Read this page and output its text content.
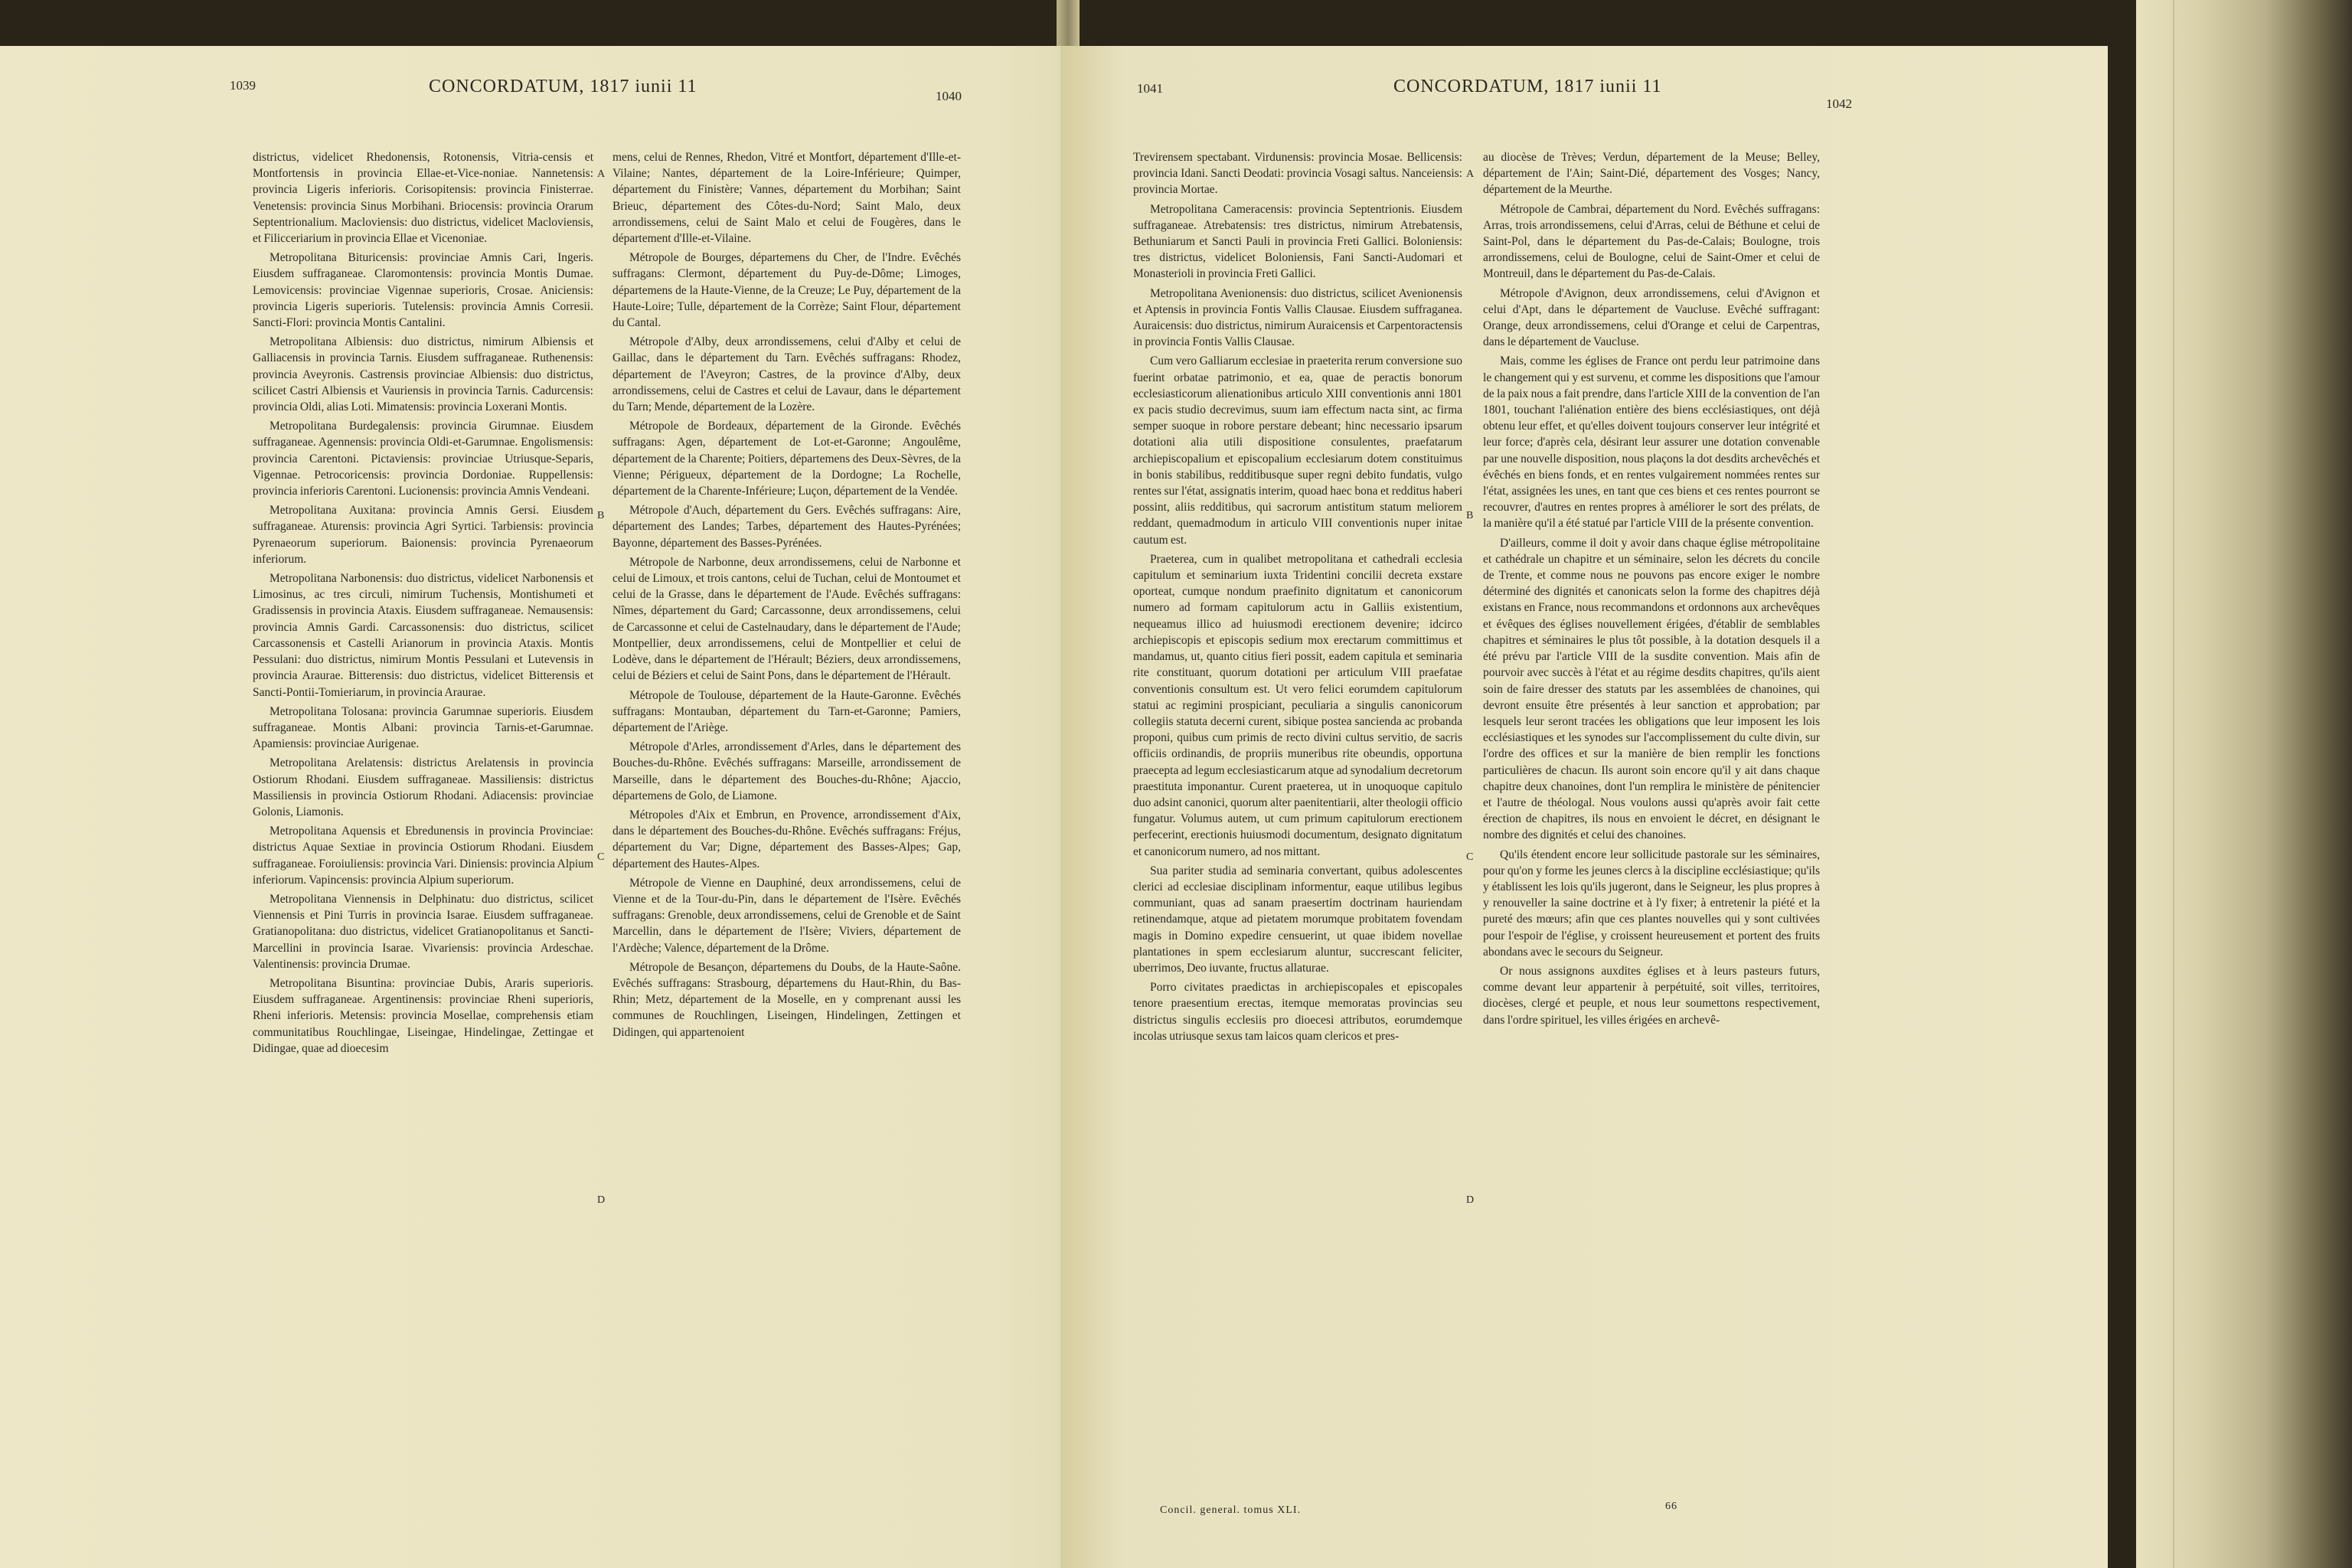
1039	CONCORDATUM, 1817 iunii 11	1040

districtus, videlicet Rhedonensis, Rotonensis, Vitria-censis et Montfortensis in provincia Ellae-et-Vice-noniae. Nannetensis: provincia Ligeris inferioris. Corisopitensis: provincia Finisterrae. Venetensis: provincia Sinus Morbihani. Briocensis: provincia Orarum Septentrionalium. Macloviensis: duo districtus, videlicet Macloviensis, et Filicceriarium in provincia Ellae et Vicenoniae.

Metropolitana Bituricensis: provinciae Amnis Cari, Ingeris. Eiusdem suffraganeae. Claromontensis: provincia Montis Dumae. Lemovicensis: provinciae Vigennae superioris, Crosae. Aniciensis: provincia Ligeris superioris. Tutelensis: provincia Amnis Corresii. Sancti-Flori: provincia Montis Cantalini.

Metropolitana Albiensis: duo districtus, nimirum Albiensis et Galliacensis in provincia Tarnis. Eiusdem suffraganeae. Ruthenensis: provincia Aveyronis. Castrensis provinciae Albiensis: duo districtus, scilicet Castri Albiensis et Vauriensis in provincia Tarnis. Cadurcensis: provincia Oldi, alias Loti. Mimatensis: provincia Loxerani Montis.

Metropolitana Burdegalensis: provincia Girumnae. Eiusdem suffraganeae. Agennensis: provincia Oldi-et-Garumnae. Engolismensis: provincia Carentoni. Pictaviensis: provinciae Utriusque-Separis, Vigennae. Petrocoricensis: provincia Dordoniae. Ruppellensis: provincia inferioris Carentoni. Lucionensis: provincia Amnis Vendeani.

Metropolitana Auxitana: provincia Amnis Gersi. Eiusdem suffraganeae. Aturensis: provincia Agri Syrtici. Tarbiensis: provincia Pyrenaeorum superiorum. Baionensis: provincia Pyrenaeorum inferiorum.

Metropolitana Narbonensis: duo districtus, videlicet Narbonensis et Limosinus, ac tres circuli, nimirum Tuchensis, Montishumeti et Gradissensis in provincia Ataxis. Eiusdem suffraganeae. Nemausensis: provincia Amnis Gardi. Carcassonensis: duo districtus, scilicet Carcassonensis et Castelli Arianorum in provincia Ataxis. Montis Pessulani: duo districtus, nimirum Montis Pessulani et Lutevensis in provincia Araurae. Bitterensis: duo districtus, videlicet Bitterensis et Sancti-Pontii-Tomieriarum, in provincia Araurae.

Metropolitana Tolosana: provincia Garumnae superioris. Eiusdem suffraganeae. Montis Albani: provincia Tarnis-et-Garumnae. Apamiensis: provinciae Aurigenae.

Metropolitana Arelatensis: districtus Arelatensis in provincia Ostiorum Rhodani. Eiusdem suffraganeae. Massiliensis: districtus Massiliensis in provincia Ostiorum Rhodani. Adiacensis: provinciae Golonis, Liamonis.

Metropolitana Aquensis et Ebredunensis in provincia Provinciae: districtus Aquae Sextiae in provincia Ostiorum Rhodani. Eiusdem suffraganeae. Foroiuliensis: provincia Vari. Diniensis: provincia Alpium inferiorum. Vapincensis: provincia Alpium superiorum.

Metropolitana Viennensis in Delphinatu: duo districtus, scilicet Viennensis et Pini Turris in provincia Isarae. Eiusdem suffraganeae. Gratianopolitana: duo districtus, videlicet Gratianopolitanus et Sancti-Marcellini in provincia Isarae. Vivariensis: provincia Ardeschae. Valentinensis: provincia Drumae.

Metropolitana Bisuntina: provinciae Dubis, Araris superioris. Eiusdem suffraganeae. Argentinensis: provinciae Rheni superioris, Rheni inferioris. Metensis: provincia Mosellae, comprehensis etiam communitatibus Rouchlingae, Liseingae, Hindelingae, Zettingae et Didingae, quae ad dioecesim

mens, celui de Rennes, Rhedon, Vitré et Montfort, département d'Ille-et-Vilaine; Nantes, département de la Loire-Inférieure; Quimper, département du Finistère; Vannes, département du Morbihan; Saint Brieuc, département des Côtes-du-Nord; Saint Malo, deux arrondissemens, celui de Saint Malo et celui de Fougères, dans le département d'Ille-et-Vilaine.

Métropole de Bourges, départemens du Cher, de l'Indre. Evêchés suffragans: Clermont, département du Puy-de-Dôme; Limoges, départemens de la Haute-Vienne, de la Creuze; Le Puy, département de la Haute-Loire; Tulle, département de la Corrèze; Saint Flour, département du Cantal.

Métropole d'Alby, deux arrondissemens, celui d'Alby et celui de Gaillac, dans le département du Tarn. Evêchés suffragans: Rhodez, département de l'Aveyron; Castres, de la province d'Alby, deux arrondissemens, celui de Castres et celui de Lavaur, dans le département du Tarn; Mende, département de la Lozère.

Métropole de Bordeaux, département de la Gironde. Evêchés suffragans: Agen, département de Lot-et-Garonne; Angoulême, département de la Charente; Poitiers, départemens des Deux-Sèvres, de la Vienne; Périgueux, département de la Dordogne; La Rochelle, département de la Charente-Inférieure; Luçon, département de la Vendée.

Métropole d'Auch, département du Gers. Evêchés suffragans: Aire, département des Landes; Tarbes, département des Hautes-Pyrénées; Bayonne, département des Basses-Pyrénées.

Métropole de Narbonne, deux arrondissemens, celui de Narbonne et celui de Limoux, et trois cantons, celui de Tuchan, celui de Montoumet et celui de la Grasse, dans le département de l'Aude. Evêchés suffragans: Nîmes, département du Gard; Carcassonne, deux arrondissemens, celui de Carcassonne et celui de Castelnaudary, dans le département de l'Aude; Montpellier, deux arrondissemens, celui de Montpellier et celui de Lodève, dans le département de l'Hérault; Béziers, deux arrondissemens, celui de Béziers et celui de Saint Pons, dans le département de l'Hérault.

Métropole de Toulouse, département de la Haute-Garonne. Evêchés suffragans: Montauban, département du Tarn-et-Garonne; Pamiers, département de l'Ariège.

Métropole d'Arles, arrondissement d'Arles, dans le département des Bouches-du-Rhône. Evêchés suffragans: Marseille, arrondissement de Marseille, dans le département des Bouches-du-Rhône; Ajaccio, départemens de Golo, de Liamone.

Métropoles d'Aix et Embrun, en Provence, arrondissement d'Aix, dans le département des Bouches-du-Rhône. Evêchés suffragans: Fréjus, département du Var; Digne, département des Basses-Alpes; Gap, département des Hautes-Alpes.

Métropole de Vienne en Dauphiné, deux arrondissemens, celui de Vienne et de la Tour-du-Pin, dans le département de l'Isère. Evêchés suffragans: Grenoble, deux arrondissemens, celui de Grenoble et de Saint Marcellin, dans le département de l'Isère; Viviers, département de l'Ardèche; Valence, département de la Drôme.

Métropole de Besançon, départemens du Doubs, de la Haute-Saône. Evêchés suffragans: Strasbourg, départemens du Haut-Rhin, du Bas-Rhin; Metz, département de la Moselle, en y comprenant aussi les communes de Rouchlingen, Liseingen, Hindelingen, Zettingen et Didingen, qui appartenoient

A
B
C
D
1041	CONCORDATUM, 1817 iunii 11
1042

Trevirensem spectabant. Virdunensis: provincia Mosae. Bellicensis: provincia Idani. Sancti Deodati: provincia Vosagi saltus. Nanceiensis: provincia Mortae.

Metropolitana Cameracensis: provincia Septentrionis. Eiusdem suffraganeae. Atrebatensis: tres districtus, nimirum Atrebatensis, Bethuniarum et Sancti Pauli in provincia Freti Gallici. Boloniensis: tres districtus, videlicet Boloniensis, Fani Sancti-Audomari et Monasterioli in provincia Freti Gallici.

Metropolitana Avenionensis: duo districtus, scilicet Avenionensis et Aptensis in provincia Fontis Vallis Clausae. Eiusdem suffraganea. Auraicensis: duo districtus, nimirum Auraicensis et Carpentoractensis in provincia Fontis Vallis Clausae.

Cum vero Galliarum ecclesiae in praeterita rerum conversione suo fuerint orbatae patrimonio, et ea, quae de peractis bonorum ecclesiasticorum alienationibus articulo XIII conventionis anni 1801 ex pacis studio decrevimus, suum iam effectum nacta sint, ac firma semper suoque in robore perstare debeant; hinc necessario ipsarum dotationi alia utili dispositione consulentes, praefatarum archiepiscopalium et episcopalium ecclesiarum dotem constituimus in bonis stabilibus, redditibusque super regni debito fundatis, vulgo rentes sur l'état, assignatis interim, quoad haec bona et redditus haberi possint, aliis redditibus, qui sacrorum antistitum statum meliorem reddant, quemadmodum in articulo VIII conventionis nuper initae cautum est.

Praeterea, cum in qualibet metropolitana et cathedrali ecclesia capitulum et seminarium iuxta Tridentini concilii decreta exstare oporteat, cumque nondum praefinito dignitatum et canonicorum numero ad formam capitulorum actu in Galliis existentium, nequeamus illico ad huiusmodi erectionem devenire; idcirco archiepiscopis et episcopis sedium mox erectarum committimus et mandamus, ut, quanto citius fieri possit, eadem capitula et seminaria rite constituant, quorum dotationi per articulum VIII praefatae conventionis consultum est. Ut vero felici eorumdem capitulorum statui ac regimini prospiciant, peculiaria a singulis canonicorum collegiis statuta decerni curent, sibique postea sancienda ac probanda proponi, quibus cum primis de recto divini cultus servitio, de sacris officiis ordinandis, de propriis muneribus rite obeundis, opportuna praecepta ad legum ecclesiasticarum atque ad synodalium decretorum praestituta imponantur. Curent praeterea, ut in unoquoque capitulo duo adsint canonici, quorum alter paenitentiarii, alter theologii officio fungatur. Volumus autem, ut cum primum capitulorum erectionem perfecerint, erectionis huiusmodi documentum, designato dignitatum et canonicorum numero, ad nos mittant.

Sua pariter studia ad seminaria convertant, quibus adolescentes clerici ad ecclesiae disciplinam informentur, eaque utilibus legibus communiant, quas ad sanam praesertim doctrinam hauriendam retinendamque, atque ad pietatem morumque probitatem fovendam magis in Domino expedire censuerint, ut quae ibidem novellae plantationes in spem ecclesiarum aluntur, succrescant feliciter, uberrimos, Deo iuvante, fructus allaturae.

Porro civitates praedictas in archiepiscopales et episcopales tenore praesentium erectas, itemque memoratas provincias seu districtus singulis ecclesiis pro dioecesi attributos, eorumdemque incolas utriusque sexus tam laicos quam clericos et pres-

au diocèse de Trèves; Verdun, département de la Meuse; Belley, département de l'Ain; Saint-Dié, département des Vosges; Nancy, département de la Meurthe.

Métropole de Cambrai, département du Nord. Evêchés suffragans: Arras, trois arrondissemens, celui d'Arras, celui de Béthune et celui de Saint-Pol, dans le département du Pas-de-Calais; Boulogne, trois arrondissemens, celui de Boulogne, celui de Saint-Omer et celui de Montreuil, dans le département du Pas-de-Calais.

Métropole d'Avignon, deux arrondissemens, celui d'Avignon et celui d'Apt, dans le département de Vaucluse. Evêché suffragant: Orange, deux arrondissemens, celui d'Orange et celui de Carpentras, dans le département de Vaucluse.

Mais, comme les églises de France ont perdu leur patrimoine dans le changement qui y est survenu, et comme les dispositions que l'amour de la paix nous a fait prendre, dans l'article XIII de la convention de l'an 1801, touchant l'aliénation entière des biens ecclésiastiques, ont déjà obtenu leur effet, et qu'elles doivent toujours conserver leur intégrité et leur force; d'après cela, désirant leur assurer une dotation convenable par une nouvelle disposition, nous plaçons la dot desdits archevêchés et évêchés en biens fonds, et en rentes vulgairement nommées rentes sur l'état, assignées les unes, en tant que ces biens et ces rentes pourront se recouvrer, d'autres en rentes propres à améliorer le sort des prélats, de la manière qu'il a été statué par l'article VIII de la présente convention.

D'ailleurs, comme il doit y avoir dans chaque église métropolitaine et cathédrale un chapitre et un séminaire, selon les décrets du concile de Trente, et comme nous ne pouvons pas encore exiger le nombre déterminé des dignités et canonicats selon la forme des chapitres déjà existans en France, nous recommandons et ordonnons aux archevêques et évêques des églises nouvellement érigées, d'établir de semblables chapitres et séminaires le plus tôt possible, à la dotation desquels il a été prévu par l'article VIII de la susdite convention. Mais afin de pourvoir avec succès à l'état et au régime desdits chapitres, qu'ils aient soin de faire dresser des statuts par les assemblées de chanoines, qui devront ensuite être présentés à leur sanction et approbation; par lesquels leur seront tracées les obligations que leur imposent les lois ecclésiastiques et les synodes sur l'accomplissement du culte divin, sur l'ordre des offices et sur la manière de bien remplir les fonctions particulières de chacun. Ils auront soin encore qu'il y ait dans chaque chapitre deux chanoines, dont l'un remplira le ministère de pénitencier et l'autre de théologal. Nous voulons aussi qu'après avoir fait cette érection de chapitres, ils nous en envoient le décret, en désignant le nombre des dignités et celui des chanoines.

Qu'ils étendent encore leur sollicitude pastorale sur les séminaires, pour qu'on y forme les jeunes clercs à la discipline ecclésiastique; qu'ils y établissent les lois qu'ils jugeront, dans le Seigneur, les plus propres à y renouveller la saine doctrine et à l'y fixer; à entretenir la piété et la pureté des mœurs; afin que ces plantes nouvelles qui y sont cultivées pour l'espoir de l'église, y croissent heureusement et portent des fruits abondans avec le secours du Seigneur.

Or nous assignons auxdites églises et à leurs pasteurs futurs, comme devant leur appartenir à perpétuité, soit villes, territoires, diocèses, clergé et peuple, et nous leur soumettons respectivement, dans l'ordre spirituel, les villes érigées en archevê-

A
B
C
D
Concil. general. tomus XLI.	66
